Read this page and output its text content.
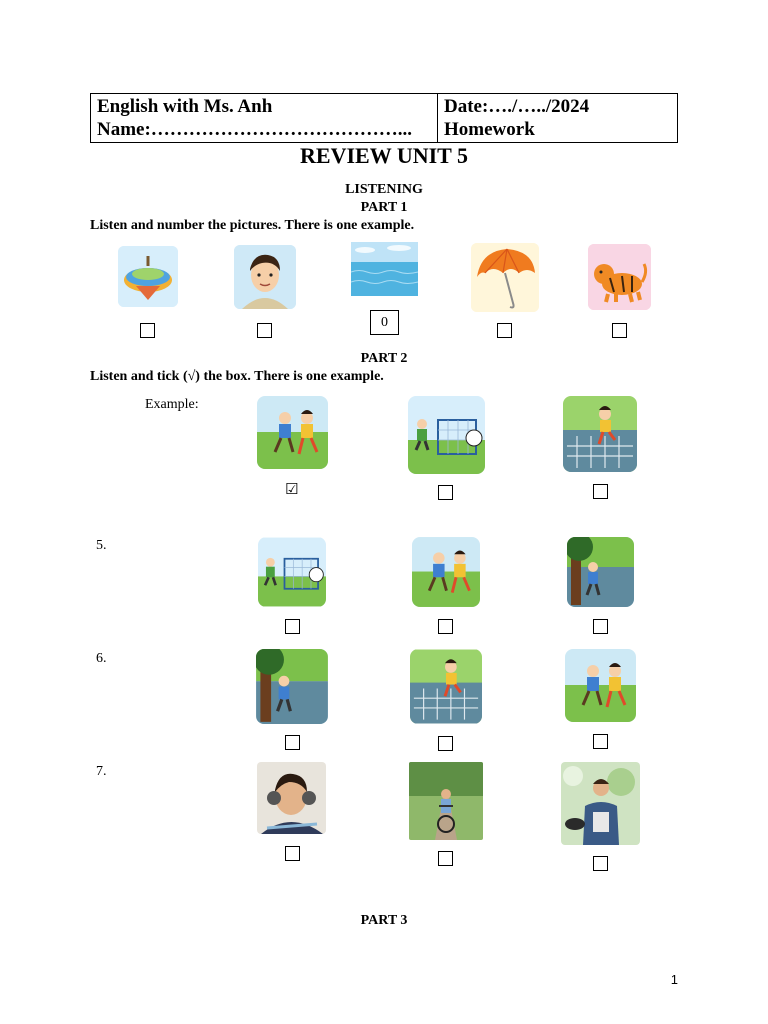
English with Ms. Anh
Name:…………………………………...
Date:…./…../2024
Homework
REVIEW UNIT 5
LISTENING
PART 1
Listen and number the pictures. There is one example.
0
PART 2
Listen and tick (√) the box. There is one example.
Example:
☑
5.
6.
7.
PART 3
1
